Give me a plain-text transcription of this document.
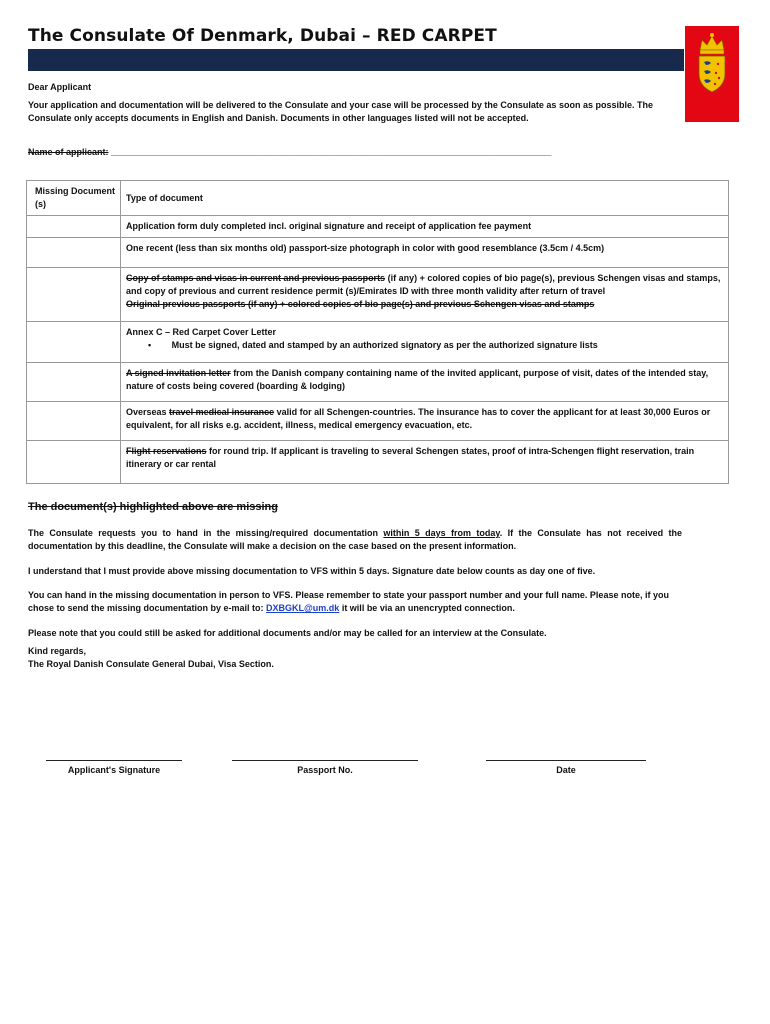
The Consulate Of Denmark, Dubai – RED CARPET
Dear Applicant
Your application and documentation will be delivered to the Consulate and your case will be processed by the Consulate as soon as possible. The Consulate only accepts documents in English and Danish. Documents in other languages listed will not be accepted.
Name of applicant: ________________________________________________________________________________________
Missing Document (s)	Type of document
	Application form duly completed incl. original signature and receipt of application fee payment
	One recent (less than six months old) passport-size photograph in color with good resemblance (3.5cm / 4.5cm)
	Copy of stamps and visas in current and previous passports (if any) + colored copies of bio page(s), previous Schengen visas and stamps, and copy of previous and current residence permit (s)/Emirates ID with three month validity after return of travel
Original previous passports (if any) + colored copies of bio page(s) and previous Schengen visas and stamps
	Annex C – Red Carpet Cover Letter
• Must be signed, dated and stamped by an authorized signatory as per the authorized signature lists
	A signed invitation letter from the Danish company containing name of the invited applicant, purpose of visit, dates of the intended stay, nature of costs being covered (boarding & lodging)
	Overseas travel medical insurance valid for all Schengen-countries. The insurance has to cover the applicant for at least 30,000 Euros or equivalent, for all risks e.g. accident, illness, medical emergency evacuation, etc.
	Flight reservations for round trip. If applicant is traveling to several Schengen states, proof of intra-Schengen flight reservation, train itinerary or car rental
The document(s) highlighted above are missing
The Consulate requests you to hand in the missing/required documentation within 5 days from today. If the Consulate has not received the documentation by this deadline, the Consulate will make a decision on the case based on the present information.
I understand that I must provide above missing documentation to VFS within 5 days. Signature date below counts as day one of five.
You can hand in the missing documentation in person to VFS. Please remember to state your passport number and your full name. Please note, if you chose to send the missing documentation by e-mail to: DXBGKL@um.dk it will be via an unencrypted connection.
Please note that you could still be asked for additional documents and/or may be called for an interview at the Consulate.
Kind regards,
The Royal Danish Consulate General Dubai, Visa Section.
Applicant's Signature	Passport No.	Date
